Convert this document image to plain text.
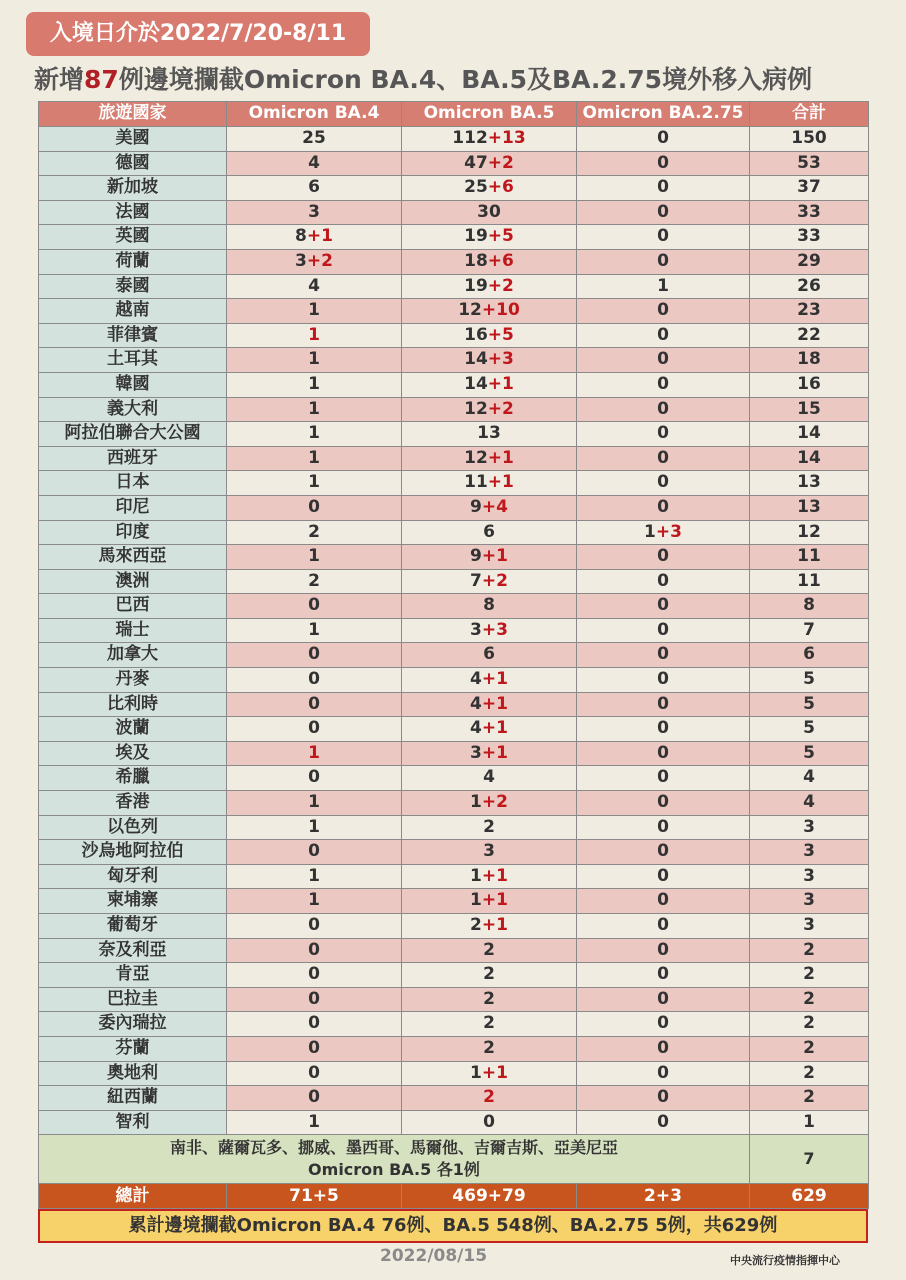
入境日介於2022/7/20-8/11
新增87例邊境攔截Omicron BA.4、BA.5及BA.2.75境外移入病例
旅遊國家	Omicron BA.4	Omicron BA.5	Omicron BA.2.75	合計
美國	25	112+13	0	150
德國	4	47+2	0	53
新加坡	6	25+6	0	37
法國	3	30	0	33
英國	8+1	19+5	0	33
荷蘭	3+2	18+6	0	29
泰國	4	19+2	1	26
越南	1	12+10	0	23
菲律賓	1	16+5	0	22
土耳其	1	14+3	0	18
韓國	1	14+1	0	16
義大利	1	12+2	0	15
阿拉伯聯合大公國	1	13	0	14
西班牙	1	12+1	0	14
日本	1	11+1	0	13
印尼	0	9+4	0	13
印度	2	6	1+3	12
馬來西亞	1	9+1	0	11
澳洲	2	7+2	0	11
巴西	0	8	0	8
瑞士	1	3+3	0	7
加拿大	0	6	0	6
丹麥	0	4+1	0	5
比利時	0	4+1	0	5
波蘭	0	4+1	0	5
埃及	1	3+1	0	5
希臘	0	4	0	4
香港	1	1+2	0	4
以色列	1	2	0	3
沙烏地阿拉伯	0	3	0	3
匈牙利	1	1+1	0	3
柬埔寨	1	1+1	0	3
葡萄牙	0	2+1	0	3
奈及利亞	0	2	0	2
肯亞	0	2	0	2
巴拉圭	0	2	0	2
委內瑞拉	0	2	0	2
芬蘭	0	2	0	2
奧地利	0	1+1	0	2
紐西蘭	0	2	0	2
智利	1	0	0	1

南非、薩爾瓦多、挪威、墨西哥、馬爾他、吉爾吉斯、亞美尼亞
Omicron BA.5 各1例				7
總計	71+5	469+79	2+3	629
累計邊境攔截Omicron BA.4 76例、BA.5 548例、BA.2.75 5例，共629例
2022/08/15	中央流行疫情指揮中心
